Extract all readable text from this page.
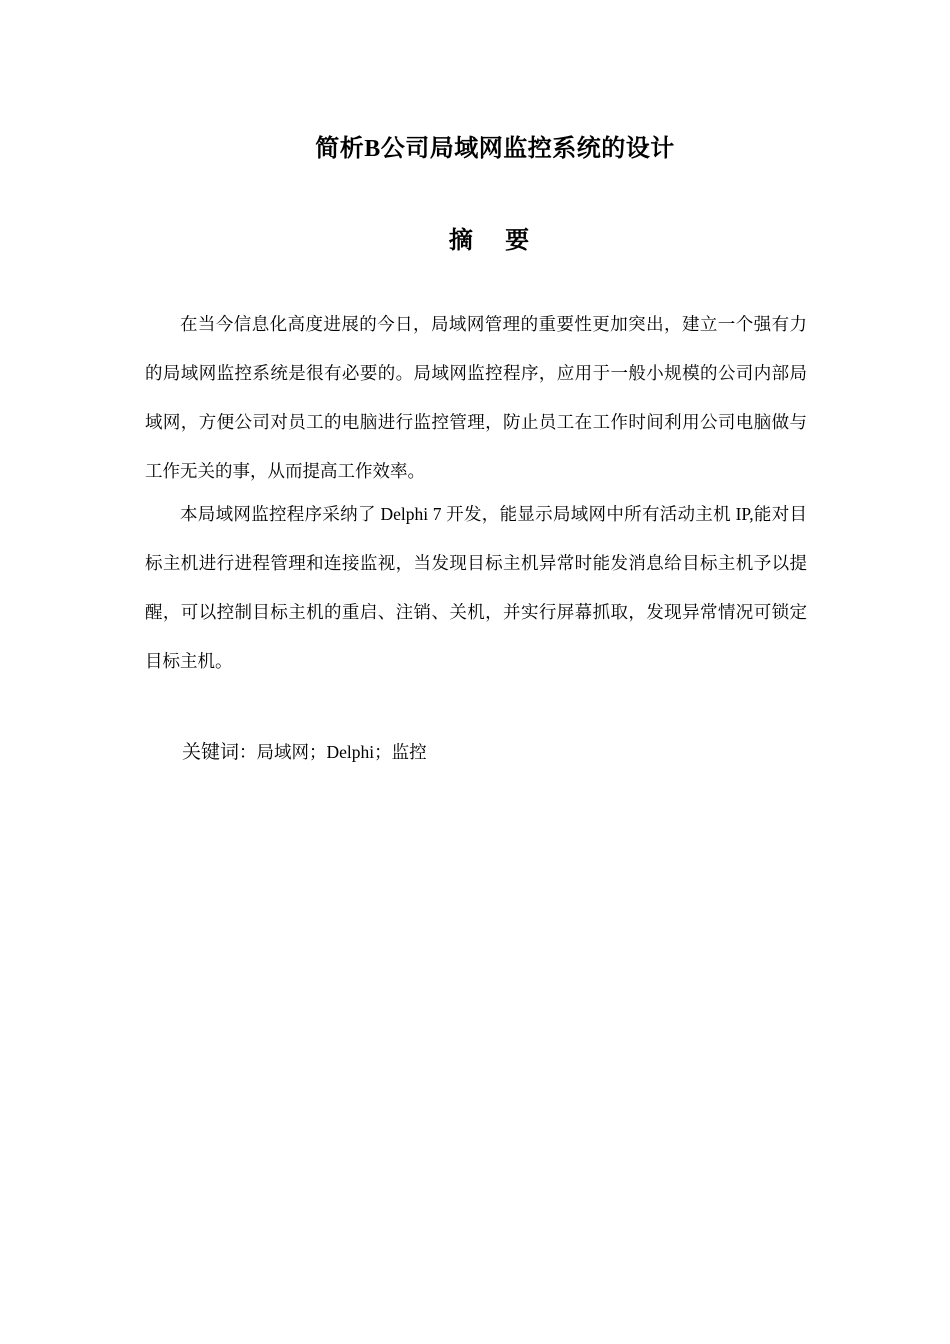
简析B公司局域网监控系统的设计
摘 要

在当今信息化高度进展的今日，局域网管理的重要性更加突出，建立一个强有力的局域网监控系统是很有必要的。局域网监控程序，应用于一般小规模的公司内部局域网，方便公司对员工的电脑进行监控管理，防止员工在工作时间利用公司电脑做与工作无关的事，从而提高工作效率。

本局域网监控程序采纳了 Delphi 7 开发，能显示局域网中所有活动主机 IP,能对目标主机进行进程管理和连接监视，当发现目标主机异常时能发消息给目标主机予以提醒，可以控制目标主机的重启、注销、关机，并实行屏幕抓取，发现异常情况可锁定目标主机。

关键词：局域网；Delphi；监控
